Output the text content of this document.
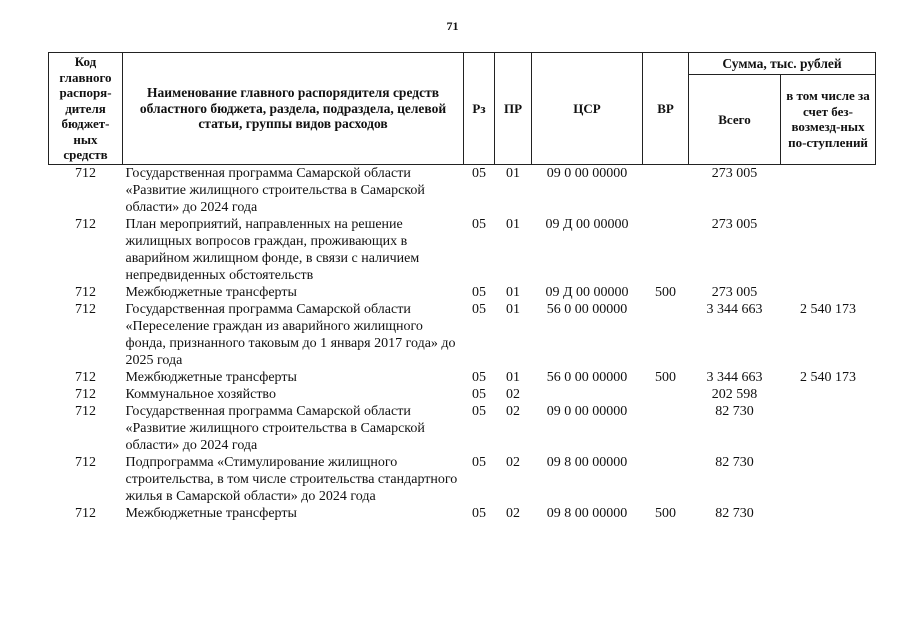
71
Код главного распоря-дителя бюджет-ных средств	Наименование главного распорядителя средств областного бюджета, раздела, подраздела, целевой статьи, группы видов расходов	Рз	ПР	ЦСР	ВР	Сумма, тыс. рублей	
						Всего	в том числе за счет без-возмезд-ных по-ступлений
712	Государственная программа Самарской области «Развитие жилищного строительства в Самарской области» до 2024 года	05	01	09 0 00 00000		273 005	
712	План мероприятий, направленных на решение жилищных вопросов граждан, проживающих в аварийном жилищном фонде, в связи с наличием непредвиденных обстоятельств	05	01	09 Д 00 00000		273 005	
712	Межбюджетные трансферты	05	01	09 Д 00 00000	500	273 005	
712	Государственная программа Самарской области «Переселение граждан из аварийного жилищного фонда, признанного таковым до 1 января 2017 года» до 2025 года	05	01	56 0 00 00000		3 344 663	2 540 173
712	Межбюджетные трансферты	05	01	56 0 00 00000	500	3 344 663	2 540 173
712	Коммунальное хозяйство	05	02			202 598	
712	Государственная программа Самарской области «Развитие жилищного строительства в Самарской области» до 2024 года	05	02	09 0 00 00000		82 730	
712	Подпрограмма «Стимулирование жилищного строительства, в том числе строительства стандартного жилья в Самарской области» до 2024 года	05	02	09 8 00 00000		82 730	
712	Межбюджетные трансферты	05	02	09 8 00 00000	500	82 730	
